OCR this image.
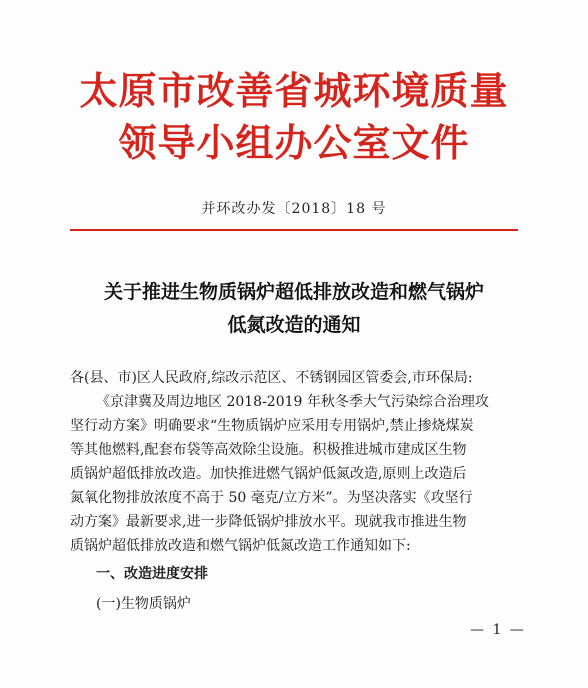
太原市改善省城环境质量
领导小组办公室文件
并环改办发〔2018〕18 号
关于推进生物质锅炉超低排放改造和燃气锅炉
低氮改造的通知
各(县、市)区人民政府,综改示范区、不锈钢园区管委会,市环保局:
《京津冀及周边地区 2018-2019 年秋冬季大气污染综合治理攻
坚行动方案》明确要求“生物质锅炉应采用专用锅炉,禁止掺烧煤炭
等其他燃料,配套布袋等高效除尘设施。积极推进城市建成区生物
质锅炉超低排放改造。加快推进燃气锅炉低氮改造,原则上改造后
氮氧化物排放浓度不高于 50 毫克/立方米”。为坚决落实《攻坚行
动方案》最新要求,进一步降低锅炉排放水平。现就我市推进生物
质锅炉超低排放改造和燃气锅炉低氮改造工作通知如下:
一、改造进度安排
(一)生物质锅炉
— 1 —
